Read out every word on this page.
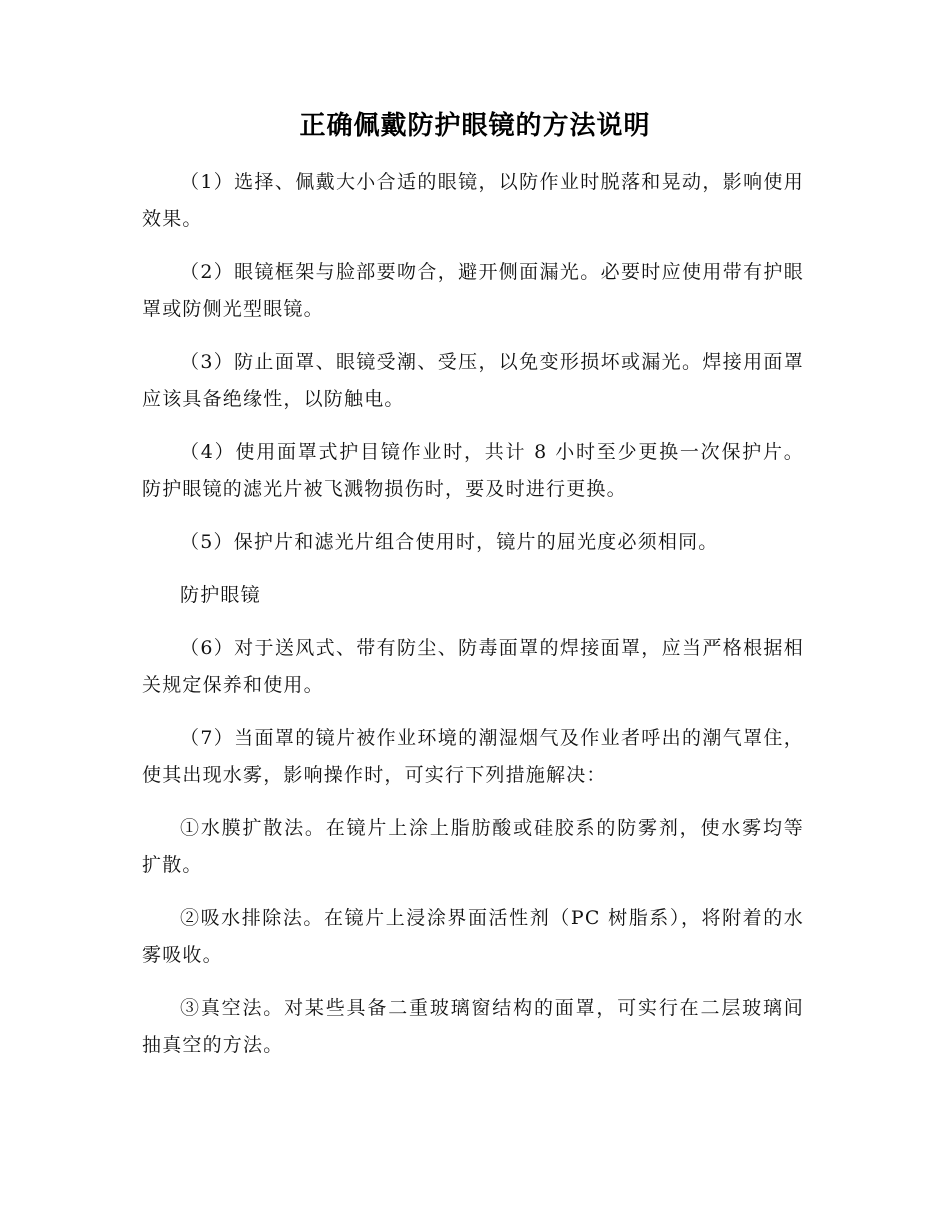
正确佩戴防护眼镜的方法说明

（1）选择、佩戴大小合适的眼镜，以防作业时脱落和晃动，影响使用效果。

（2）眼镜框架与脸部要吻合，避开侧面漏光。必要时应使用带有护眼罩或防侧光型眼镜。

（3）防止面罩、眼镜受潮、受压，以免变形损坏或漏光。焊接用面罩应该具备绝缘性，以防触电。

（4）使用面罩式护目镜作业时，共计 8 小时至少更换一次保护片。防护眼镜的滤光片被飞溅物损伤时，要及时进行更换。

（5）保护片和滤光片组合使用时，镜片的屈光度必须相同。

防护眼镜

（6）对于送风式、带有防尘、防毒面罩的焊接面罩，应当严格根据相关规定保养和使用。

（7）当面罩的镜片被作业环境的潮湿烟气及作业者呼出的潮气罩住，使其出现水雾，影响操作时，可实行下列措施解决：

①水膜扩散法。在镜片上涂上脂肪酸或硅胶系的防雾剂，使水雾均等扩散。

②吸水排除法。在镜片上浸涂界面活性剂（PC 树脂系），将附着的水雾吸收。

③真空法。对某些具备二重玻璃窗结构的面罩，可实行在二层玻璃间抽真空的方法。
